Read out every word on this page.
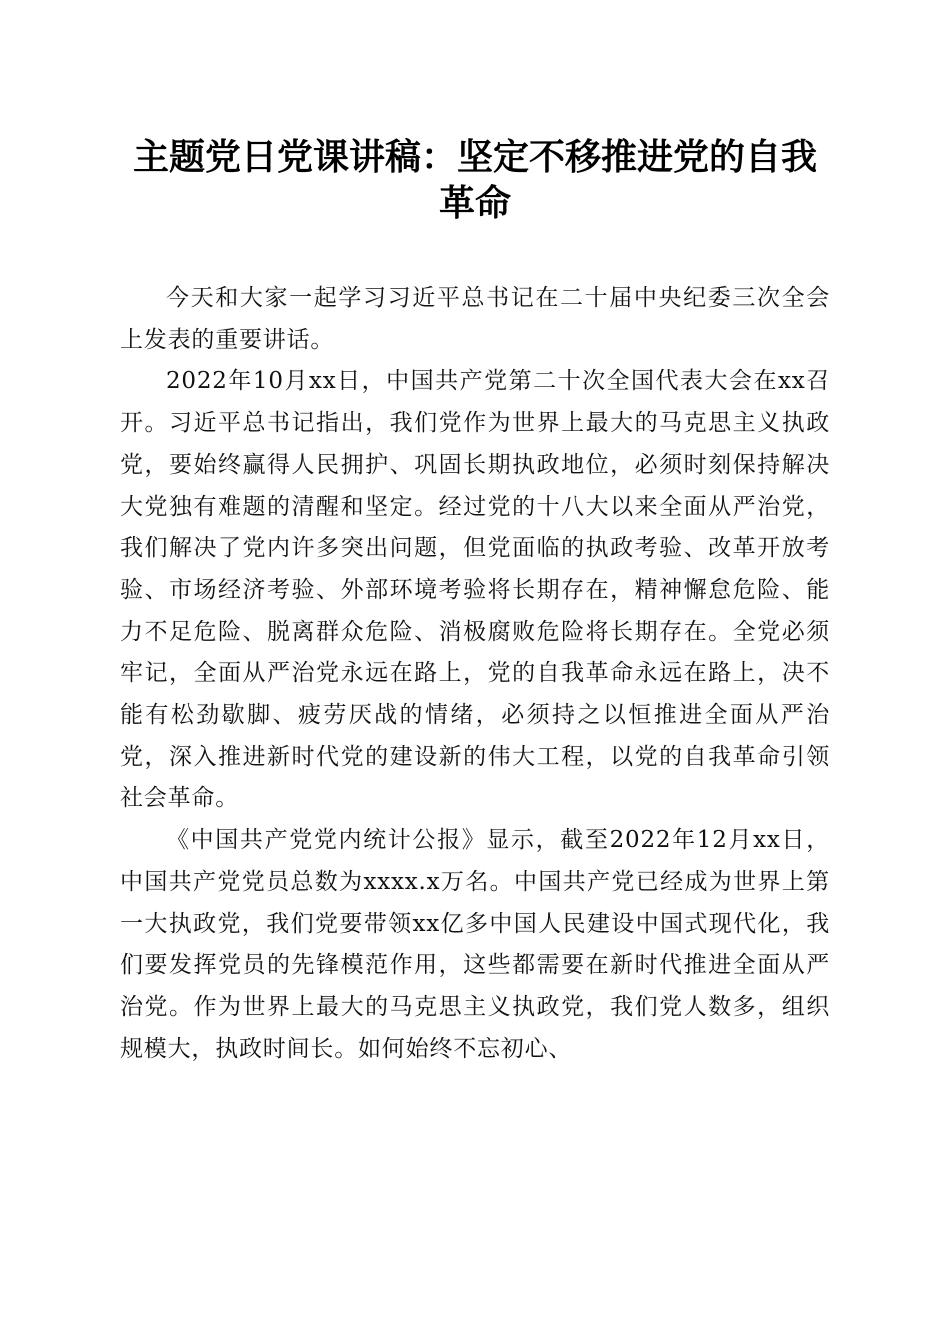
主题党日党课讲稿：坚定不移推进党的自我革命

今天和大家一起学习习近平总书记在二十届中央纪委三次全会上发表的重要讲话。

2022年10月xx日，中国共产党第二十次全国代表大会在xx召开。习近平总书记指出，我们党作为世界上最大的马克思主义执政党，要始终赢得人民拥护、巩固长期执政地位，必须时刻保持解决大党独有难题的清醒和坚定。经过党的十八大以来全面从严治党，我们解决了党内许多突出问题，但党面临的执政考验、改革开放考验、市场经济考验、外部环境考验将长期存在，精神懈怠危险、能力不足危险、脱离群众危险、消极腐败危险将长期存在。全党必须牢记，全面从严治党永远在路上，党的自我革命永远在路上，决不能有松劲歇脚、疲劳厌战的情绪，必须持之以恒推进全面从严治党，深入推进新时代党的建设新的伟大工程，以党的自我革命引领社会革命。

《中国共产党党内统计公报》显示，截至2022年12月xx日，中国共产党党员总数为xxxx.x万名。中国共产党已经成为世界上第一大执政党，我们党要带领xx亿多中国人民建设中国式现代化，我们要发挥党员的先锋模范作用，这些都需要在新时代推进全面从严治党。作为世界上最大的马克思主义执政党，我们党人数多，组织规模大，执政时间长。如何始终不忘初心、
